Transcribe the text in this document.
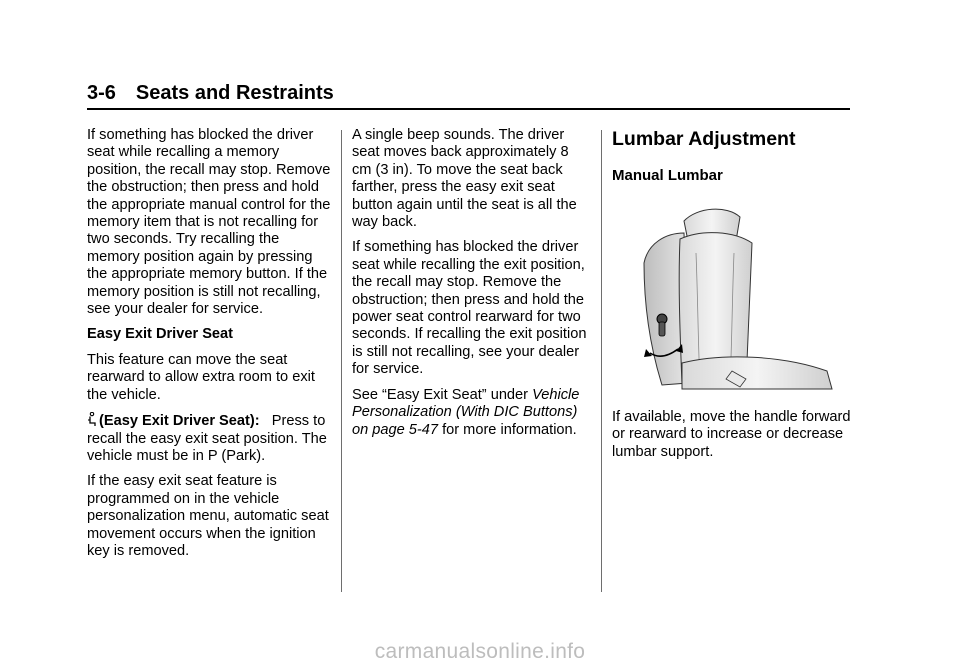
3-6 Seats and Restraints

If something has blocked the driver seat while recalling a memory position, the recall may stop. Remove the obstruction; then press and hold the appropriate manual control for the memory item that is not recalling for two seconds. Try recalling the memory position again by pressing the appropriate memory button. If the memory position is still not recalling, see your dealer for service.

Easy Exit Driver Seat

This feature can move the seat rearward to allow extra room to exit the vehicle.

(Easy Exit Driver Seat): Press to recall the easy exit seat position. The vehicle must be in P (Park).

If the easy exit seat feature is programmed on in the vehicle personalization menu, automatic seat movement occurs when the ignition key is removed.

A single beep sounds. The driver seat moves back approximately 8 cm (3 in). To move the seat back farther, press the easy exit seat button again until the seat is all the way back.

If something has blocked the driver seat while recalling the exit position, the recall may stop. Remove the obstruction; then press and hold the power seat control rearward for two seconds. If recalling the exit position is still not recalling, see your dealer for service.

See “Easy Exit Seat” under Vehicle Personalization (With DIC Buttons) on page 5-47 for more information.

Lumbar Adjustment
Manual Lumbar

If available, move the handle forward or rearward to increase or decrease lumbar support.

carmanualsonline.info
